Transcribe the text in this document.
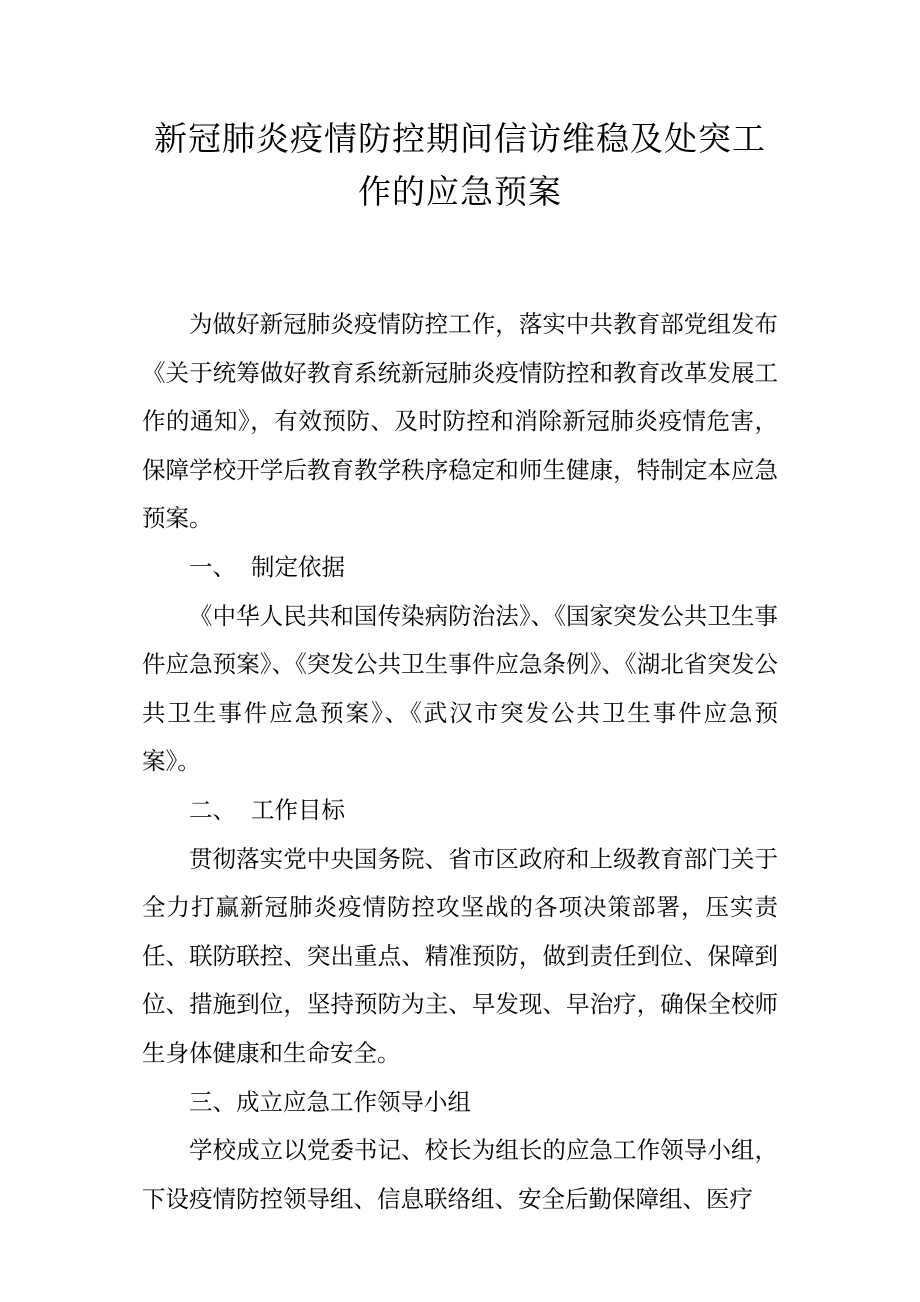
新冠肺炎疫情防控期间信访维稳及处突工
作的应急预案

为做好新冠肺炎疫情防控工作，落实中共教育部党组发布《关于统筹做好教育系统新冠肺炎疫情防控和教育改革发展工作的通知》，有效预防、及时防控和消除新冠肺炎疫情危害，保障学校开学后教育教学秩序稳定和师生健康，特制定本应急预案。

一、  制定依据

《中华人民共和国传染病防治法》、《国家突发公共卫生事件应急预案》、《突发公共卫生事件应急条例》、《湖北省突发公共卫生事件应急预案》、《武汉市突发公共卫生事件应急预案》。

二、  工作目标

贯彻落实党中央国务院、省市区政府和上级教育部门关于全力打赢新冠肺炎疫情防控攻坚战的各项决策部署，压实责任、联防联控、突出重点、精准预防，做到责任到位、保障到位、措施到位，坚持预防为主、早发现、早治疗，确保全校师生身体健康和生命安全。

三、成立应急工作领导小组

学校成立以党委书记、校长为组长的应急工作领导小组，下设疫情防控领导组、信息联络组、安全后勤保障组、医疗
